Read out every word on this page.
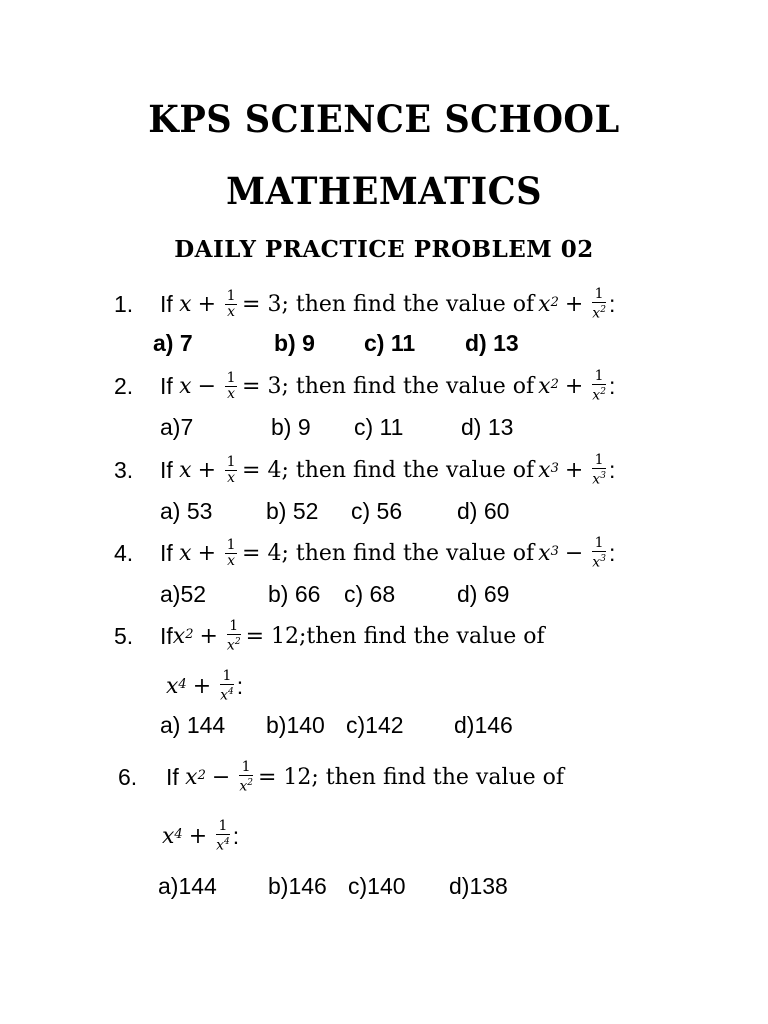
KPS SCIENCE SCHOOL
MATHEMATICS
DAILY PRACTICE PROBLEM 02
1. If
$x + \frac{1}{x} = 3$; then find the value of $x^2 + \frac{1}{x^2}$ :
a) 7	b) 9 c) 11 d) 13
2. If
$x - \frac{1}{x} = 3$; then find the value of $x^2 + \frac{1}{x^2}$ :
a)7	b) 9 c) 11	d) 13
3. If
$x + \frac{1}{x} = 4$; then find the value of $x^3 + \frac{1}{x^3}$ :
a) 53 b) 52 c) 56 d) 60
4. If
$x + \frac{1}{x} = 4$; then find the value of $x^3 - \frac{1}{x^3}$ :
a)52	b) 66 c) 68	d) 69
5. If $x^2 + \frac{1}{x^2}$ = 12;then find the value of
$x^4 + \frac{1}{x^4}$ :
a) 144 b)140 c)142 d)146
6. If
$x^2 - \frac{1}{x^2} = 12$; then find the value of
$x^4 + \frac{1}{x^4}$ :
a)144 b)146 c)140 d)138
